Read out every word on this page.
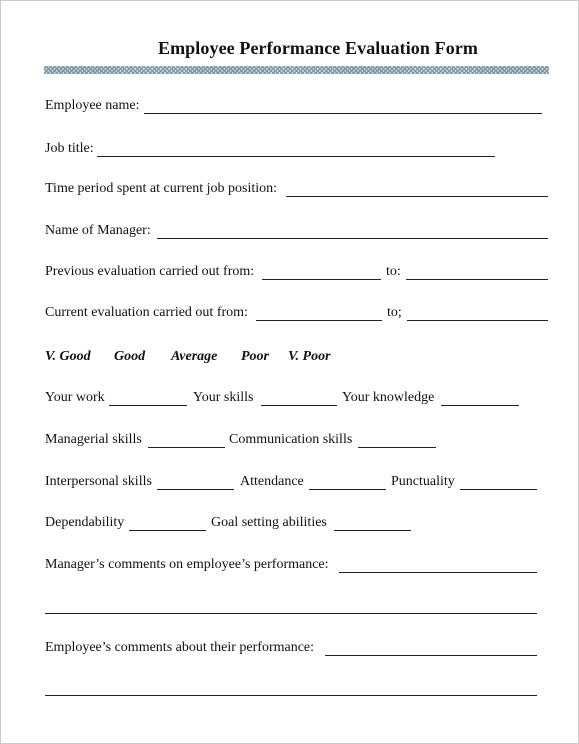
Employee Performance Evaluation Form
Employee name:
Job title:
Time period spent at current job position:
Name of Manager:
Previous evaluation carried out from:	to:
Current evaluation carried out from:	to;
V. Good Good Average Poor V. Poor
Your work	Your skills	Your knowledge
Managerial skills	Communication skills
Interpersonal skills	Attendance	Punctuality
Dependability	Goal setting abilities
Manager’s comments on employee’s performance:
Employee’s comments about their performance:
